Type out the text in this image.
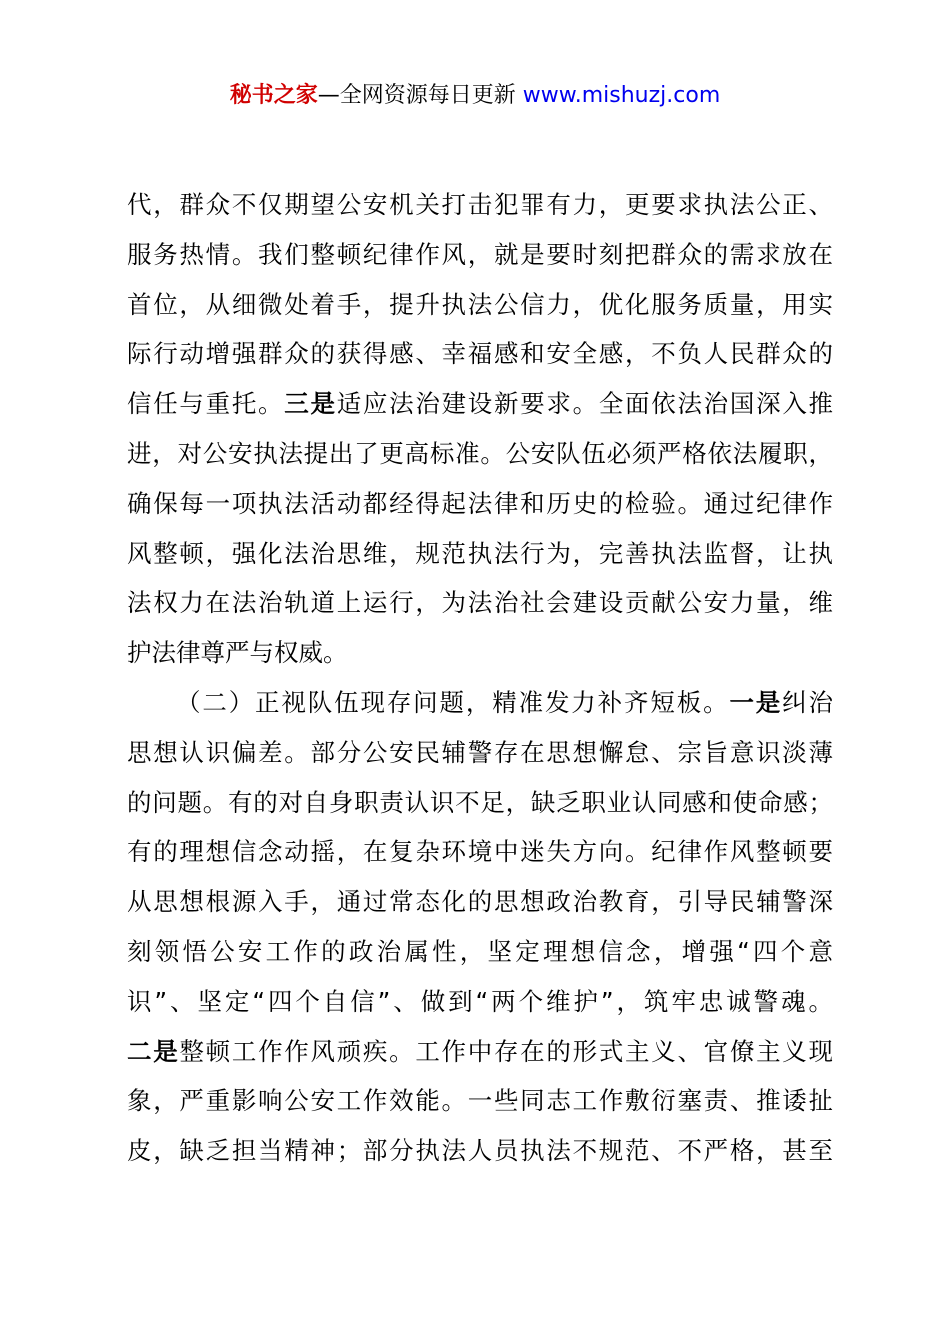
秘书之家—全网资源每日更新 www.mishuzj.com
代，群众不仅期望公安机关打击犯罪有力，更要求执法公正、
服务热情。我们整顿纪律作风，就是要时刻把群众的需求放在
首位，从细微处着手，提升执法公信力，优化服务质量，用实
际行动增强群众的获得感、幸福感和安全感，不负人民群众的
信任与重托。三是适应法治建设新要求。全面依法治国深入推
进，对公安执法提出了更高标准。公安队伍必须严格依法履职，
确保每一项执法活动都经得起法律和历史的检验。通过纪律作
风整顿，强化法治思维，规范执法行为，完善执法监督，让执
法权力在法治轨道上运行，为法治社会建设贡献公安力量，维
护法律尊严与权威。
（二）正视队伍现存问题，精准发力补齐短板。一是纠治
思想认识偏差。部分公安民辅警存在思想懈怠、宗旨意识淡薄
的问题。有的对自身职责认识不足，缺乏职业认同感和使命感；
有的理想信念动摇，在复杂环境中迷失方向。纪律作风整顿要
从思想根源入手，通过常态化的思想政治教育，引导民辅警深
刻领悟公安工作的政治属性，坚定理想信念，增强“四个意
识”、坚定“四个自信”、做到“两个维护”，筑牢忠诚警魂。
二是整顿工作作风顽疾。工作中存在的形式主义、官僚主义现
象，严重影响公安工作效能。一些同志工作敷衍塞责、推诿扯
皮，缺乏担当精神；部分执法人员执法不规范、不严格，甚至
